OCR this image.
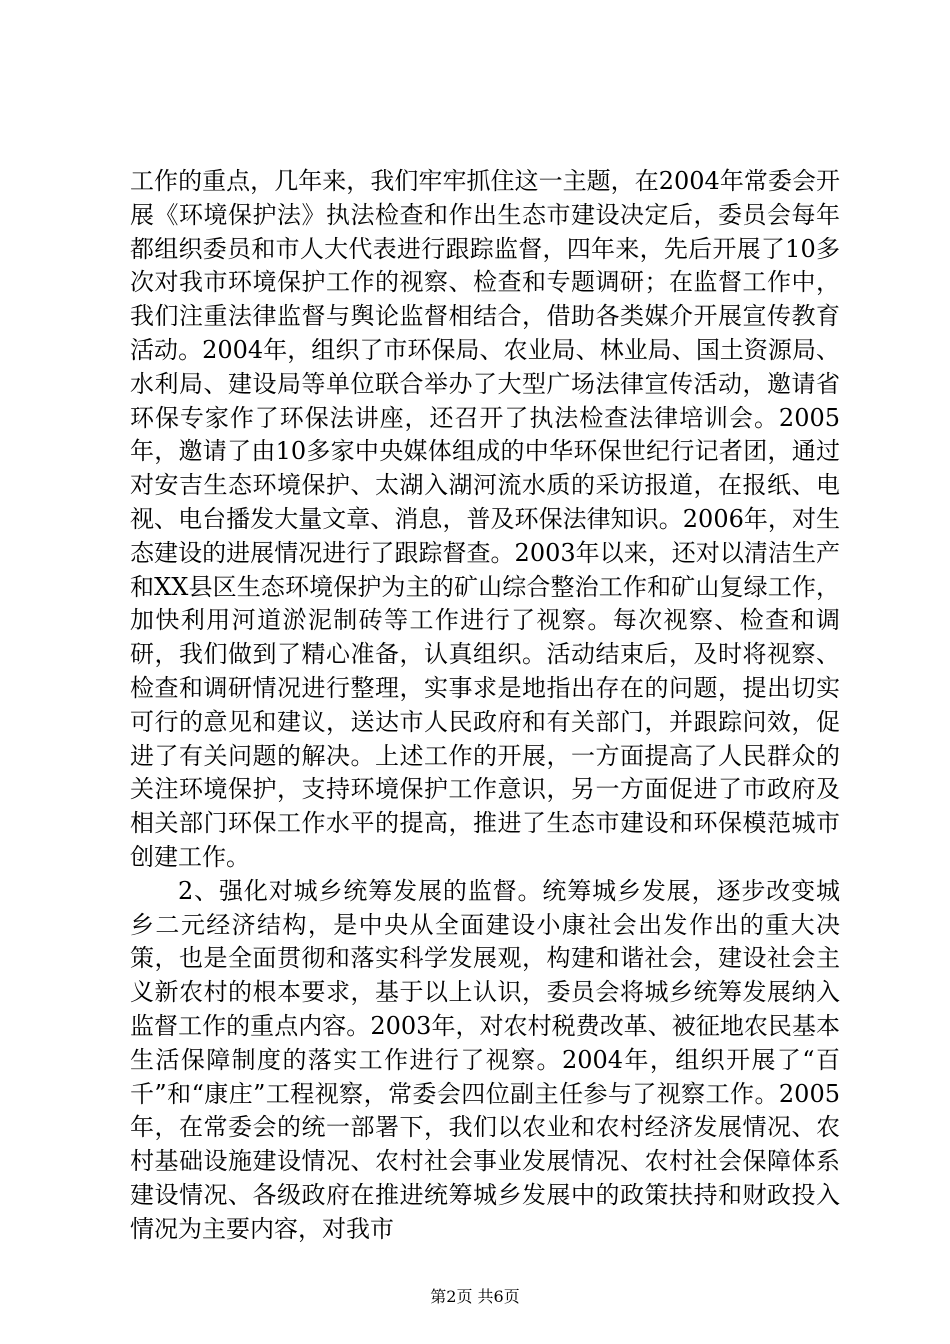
工作的重点，几年来，我们牢牢抓住这一主题，在2004年常委会开展《环境保护法》执法检查和作出生态市建设决定后，委员会每年都组织委员和市人大代表进行跟踪监督，四年来，先后开展了10多次对我市环境保护工作的视察、检查和专题调研；在监督工作中，我们注重法律监督与舆论监督相结合，借助各类媒介开展宣传教育活动。2004年，组织了市环保局、农业局、林业局、国土资源局、水利局、建设局等单位联合举办了大型广场法律宣传活动，邀请省环保专家作了环保法讲座，还召开了执法检查法律培训会。2005年，邀请了由10多家中央媒体组成的中华环保世纪行记者团，通过对安吉生态环境保护、太湖入湖河流水质的采访报道，在报纸、电视、电台播发大量文章、消息，普及环保法律知识。2006年，对生态建设的进展情况进行了跟踪督查。2003年以来，还对以清洁生产和XX县区生态环境保护为主的矿山综合整治工作和矿山复绿工作，加快利用河道淤泥制砖等工作进行了视察。每次视察、检查和调研，我们做到了精心准备，认真组织。活动结束后，及时将视察、检查和调研情况进行整理，实事求是地指出存在的问题，提出切实可行的意见和建议，送达市人民政府和有关部门，并跟踪问效，促进了有关问题的解决。上述工作的开展，一方面提高了人民群众的关注环境保护，支持环境保护工作意识，另一方面促进了市政府及相关部门环保工作水平的提高，推进了生态市建设和环保模范城市创建工作。

2、强化对城乡统筹发展的监督。统筹城乡发展，逐步改变城乡二元经济结构，是中央从全面建设小康社会出发作出的重大决策，也是全面贯彻和落实科学发展观，构建和谐社会，建设社会主义新农村的根本要求，基于以上认识，委员会将城乡统筹发展纳入监督工作的重点内容。2003年，对农村税费改革、被征地农民基本生活保障制度的落实工作进行了视察。2004年，组织开展了“百千”和“康庄”工程视察，常委会四位副主任参与了视察工作。2005年，在常委会的统一部署下，我们以农业和农村经济发展情况、农村基础设施建设情况、农村社会事业发展情况、农村社会保障体系建设情况、各级政府在推进统筹城乡发展中的政策扶持和财政投入情况为主要内容，对我市

第2页 共6页
